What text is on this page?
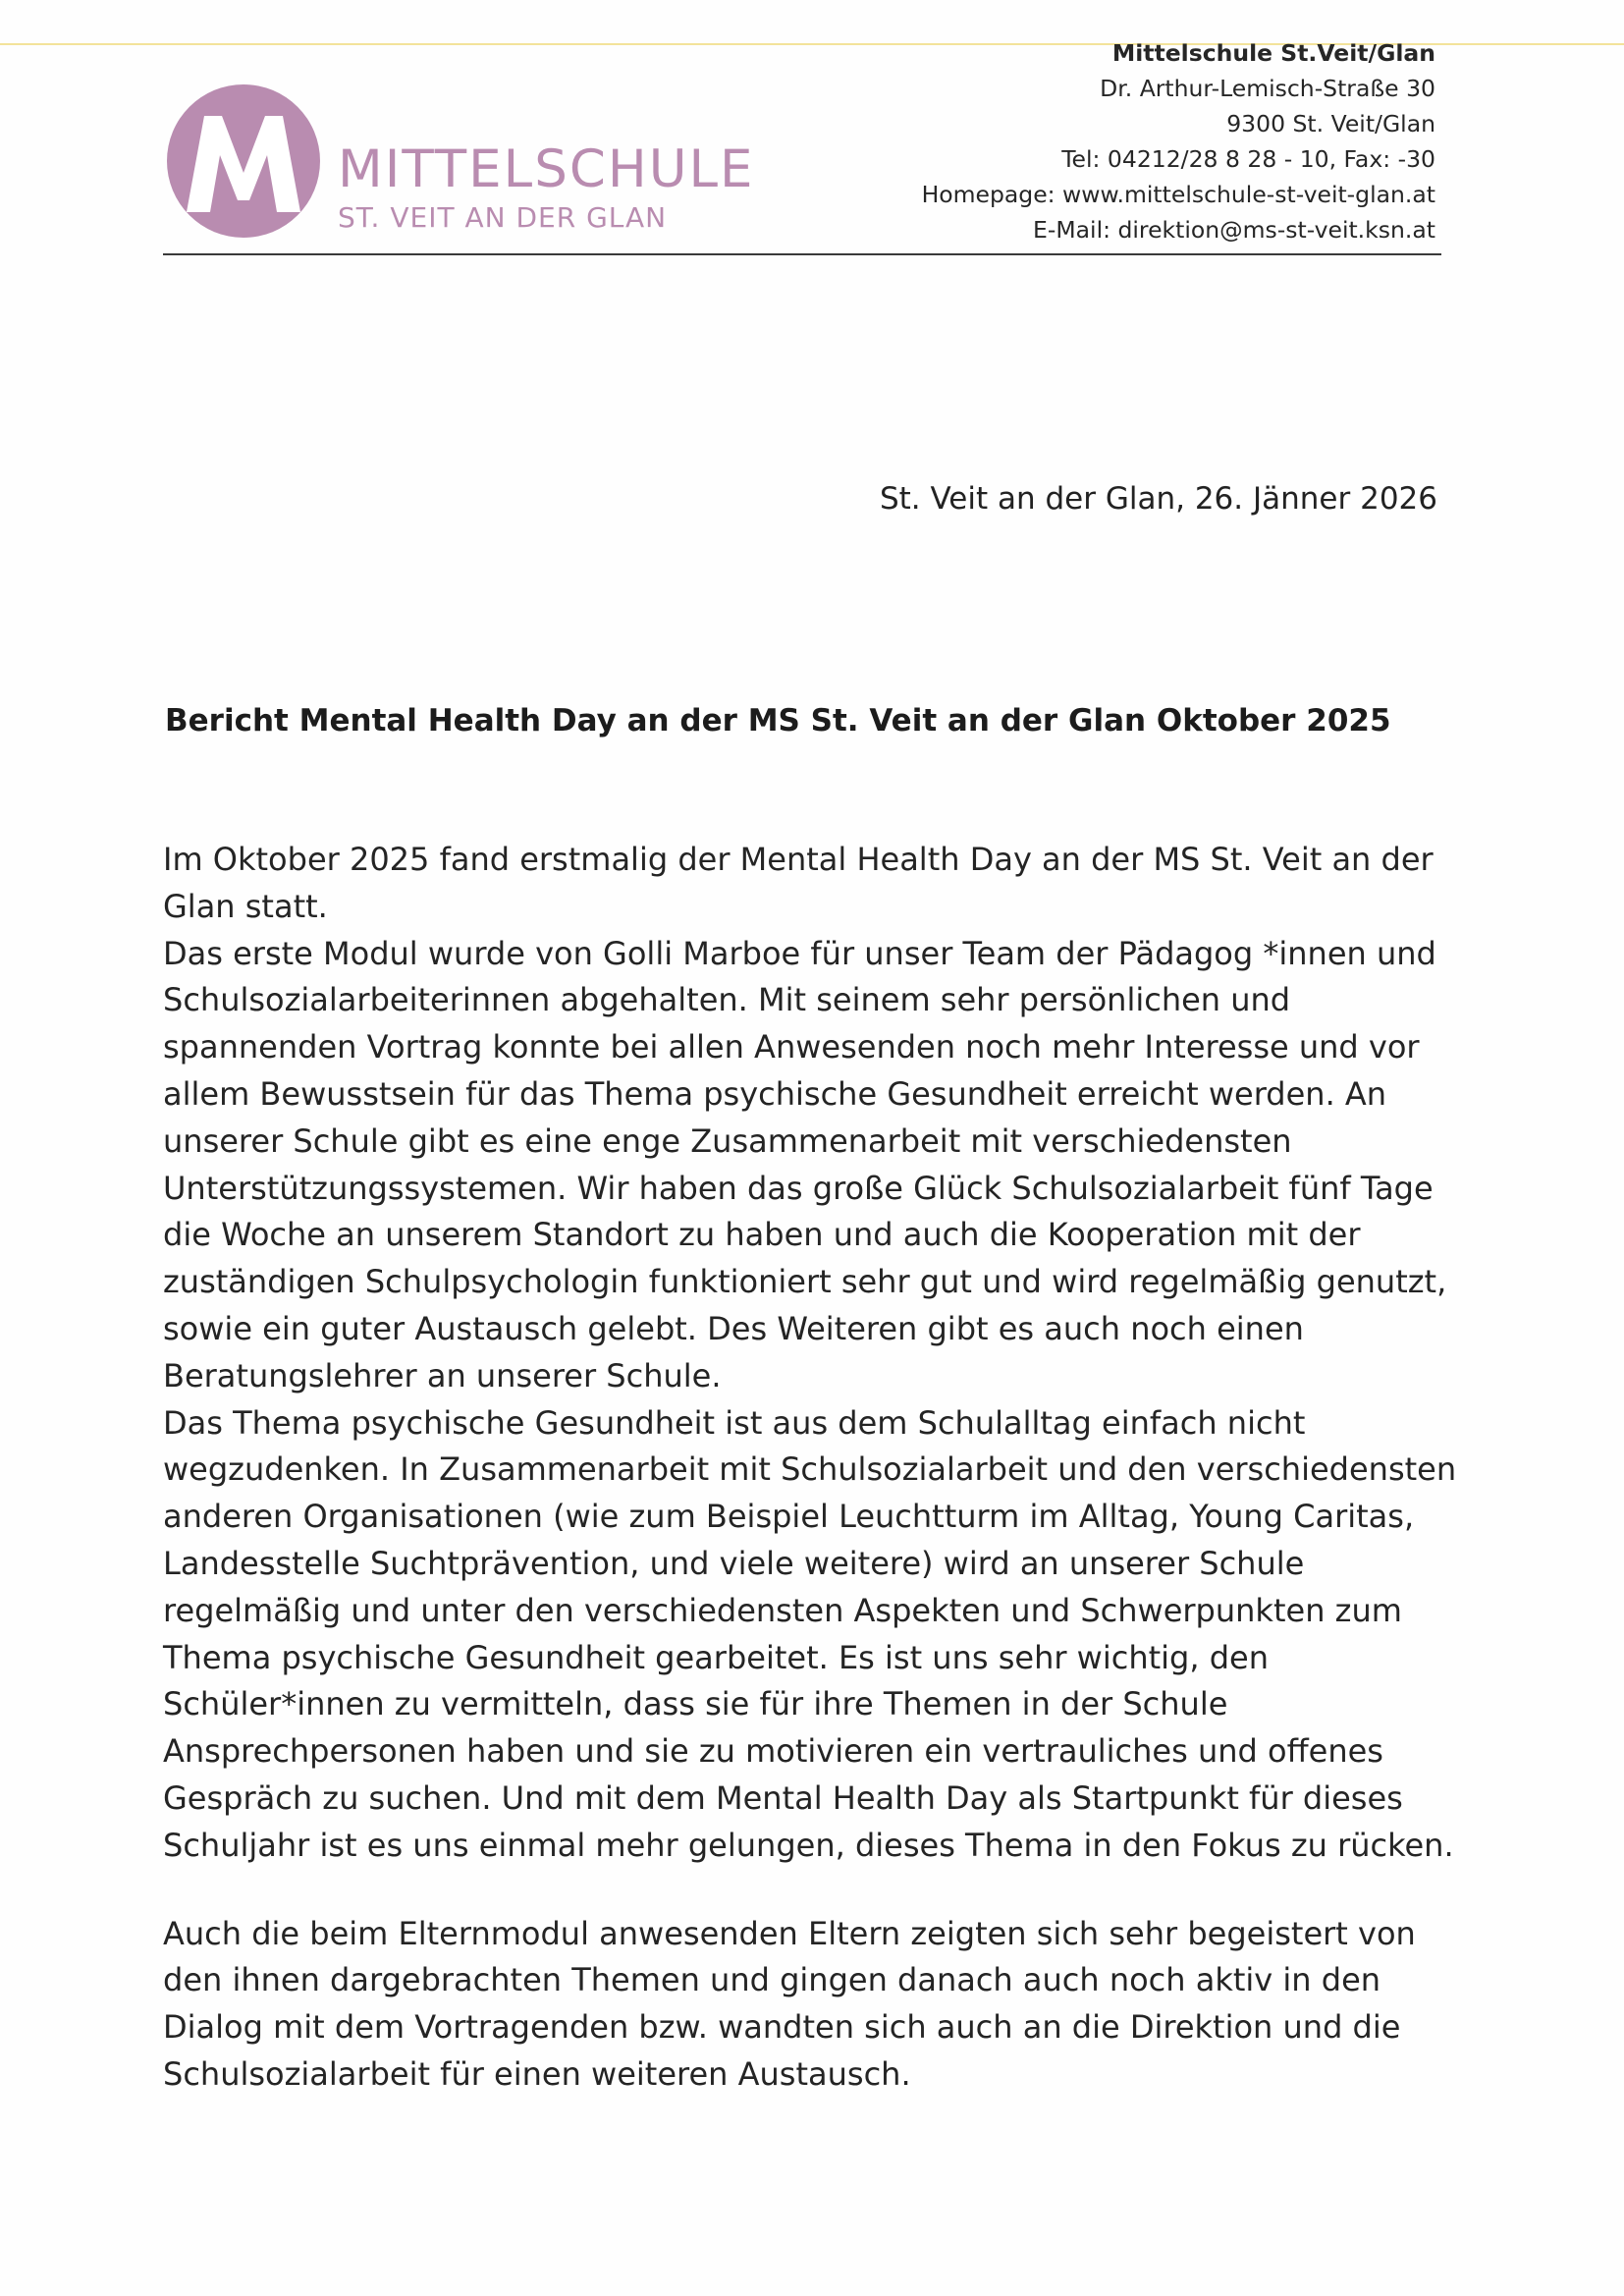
MITTELSCHULE
ST. VEIT AN DER GLAN
Mittelschule St.Veit/Glan
Dr. Arthur-Lemisch-Straße 30
9300 St. Veit/Glan
Tel: 04212/28 8 28 - 10, Fax: -30
Homepage: www.mittelschule-st-veit-glan.at
E-Mail: direktion@ms-st-veit.ksn.at
St. Veit an der Glan, 26. Jänner 2026
Bericht Mental Health Day an der MS St. Veit an der Glan Oktober 2025
Im Oktober 2025 fand erstmalig der Mental Health Day an der MS St. Veit an der
Glan statt.
Das erste Modul wurde von Golli Marboe für unser Team der Pädagog *innen und
Schulsozialarbeiterinnen abgehalten. Mit seinem sehr persönlichen und
spannenden Vortrag konnte bei allen Anwesenden noch mehr Interesse und vor
allem Bewusstsein für das Thema psychische Gesundheit erreicht werden. An
unserer Schule gibt es eine enge Zusammenarbeit mit verschiedensten
Unterstützungssystemen. Wir haben das große Glück Schulsozialarbeit fünf Tage
die Woche an unserem Standort zu haben und auch die Kooperation mit der
zuständigen Schulpsychologin funktioniert sehr gut und wird regelmäßig genutzt,
sowie ein guter Austausch gelebt. Des Weiteren gibt es auch noch einen
Beratungslehrer an unserer Schule.
Das Thema psychische Gesundheit ist aus dem Schulalltag einfach nicht
wegzudenken. In Zusammenarbeit mit Schulsozialarbeit und den verschiedensten
anderen Organisationen (wie zum Beispiel Leuchtturm im Alltag, Young Caritas,
Landesstelle Suchtprävention, und viele weitere) wird an unserer Schule
regelmäßig und unter den verschiedensten Aspekten und Schwerpunkten zum
Thema psychische Gesundheit gearbeitet. Es ist uns sehr wichtig, den
Schüler*innen zu vermitteln, dass sie für ihre Themen in der Schule
Ansprechpersonen haben und sie zu motivieren ein vertrauliches und offenes
Gespräch zu suchen. Und mit dem Mental Health Day als Startpunkt für dieses
Schuljahr ist es uns einmal mehr gelungen, dieses Thema in den Fokus zu rücken.
Auch die beim Elternmodul anwesenden Eltern zeigten sich sehr begeistert von
den ihnen dargebrachten Themen und gingen danach auch noch aktiv in den
Dialog mit dem Vortragenden bzw. wandten sich auch an die Direktion und die
Schulsozialarbeit für einen weiteren Austausch.
